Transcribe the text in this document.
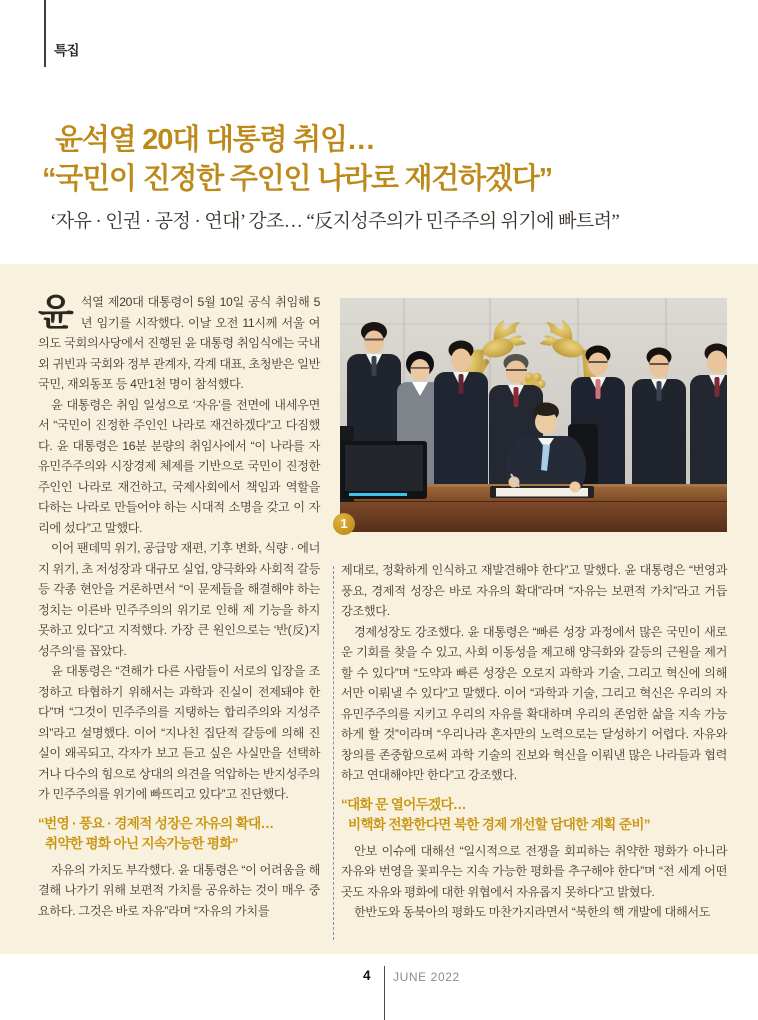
특집
윤석열 20대 대통령 취임…
“국민이 진정한 주인인 나라로 재건하겠다”
‘자유 · 인권 · 공정 · 연대’ 강조… “反지성주의가 민주주의 위기에 빠트려”

윤석열 제20대 대통령이 5월 10일 공식 취임해 5년 임기를 시작했다. 이날 오전 11시께 서울 여의도 국회의사당에서 진행된 윤 대통령 취임식에는 국내외 귀빈과 국회와 정부 관계자, 각계 대표, 초청받은 일반 국민, 재외동포 등 4만1천 명이 참석했다.

윤 대통령은 취임 일성으로 ‘자유’를 전면에 내세우면서 “국민이 진정한 주인인 나라로 재건하겠다”고 다짐했다. 윤 대통령은 16분 분량의 취임사에서 “이 나라를 자유민주주의와 시장경제 체제를 기반으로 국민이 진정한 주인인 나라로 재건하고, 국제사회에서 책임과 역할을 다하는 나라로 만들어야 하는 시대적 소명을 갖고 이 자리에 섰다”고 말했다.

이어 팬데믹 위기, 공급망 재편, 기후 변화, 식량 · 에너지 위기, 초 저성장과 대규모 실업, 양극화와 사회적 갈등 등 각종 현안을 거론하면서 “이 문제들을 해결해야 하는 정치는 이른바 민주주의의 위기로 인해 제 기능을 하지 못하고 있다”고 지적했다. 가장 큰 원인으로는 ‘반(反)지성주의’를 꼽았다.

윤 대통령은 “견해가 다른 사람들이 서로의 입장을 조정하고 타협하기 위해서는 과학과 진실이 전제돼야 한다”며 “그것이 민주주의를 지탱하는 합리주의와 지성주의”라고 설명했다. 이어 “지나친 집단적 갈등에 의해 진실이 왜곡되고, 각자가 보고 듣고 싶은 사실만을 선택하거나 다수의 힘으로 상대의 의견을 억압하는 반지성주의가 민주주의를 위기에 빠뜨리고 있다”고 진단했다.

“번영 · 풍요 · 경제적 성장은 자유의 확대…
취약한 평화 아닌 지속가능한 평화”

자유의 가치도 부각했다. 윤 대통령은 “이 어려움을 해결해 나가기 위해 보편적 가치를 공유하는 것이 매우 중요하다. 그것은 바로 자유”라며 “자유의 가치를

1

제대로, 정확하게 인식하고 재발견해야 한다”고 말했다. 윤 대통령은 “번영과 풍요, 경제적 성장은 바로 자유의 확대”라며 “자유는 보편적 가치”라고 거듭 강조했다.

경제성장도 강조했다. 윤 대통령은 “빠른 성장 과정에서 많은 국민이 새로운 기회를 찾을 수 있고, 사회 이동성을 제고해 양극화와 갈등의 근원을 제거할 수 있다”며 “도약과 빠른 성장은 오로지 과학과 기술, 그리고 혁신에 의해서만 이뤄낼 수 있다”고 말했다. 이어 “과학과 기술, 그리고 혁신은 우리의 자유민주주의를 지키고 우리의 자유를 확대하며 우리의 존엄한 삶을 지속 가능하게 할 것”이라며 “우리나라 혼자만의 노력으로는 달성하기 어렵다. 자유와 창의를 존중함으로써 과학 기술의 진보와 혁신을 이뤄낸 많은 나라들과 협력하고 연대해야만 한다”고 강조했다.

“대화 문 열어두겠다…
비핵화 전환한다면 북한 경제 개선할 담대한 계획 준비”

안보 이슈에 대해선 “일시적으로 전쟁을 회피하는 취약한 평화가 아니라 자유와 번영을 꽃피우는 지속 가능한 평화를 추구해야 한다”며 “전 세계 어떤 곳도 자유와 평화에 대한 위협에서 자유롭지 못하다”고 밝혔다.

한반도와 동북아의 평화도 마찬가지라면서 “북한의 핵 개발에 대해서도

4 JUNE 2022
